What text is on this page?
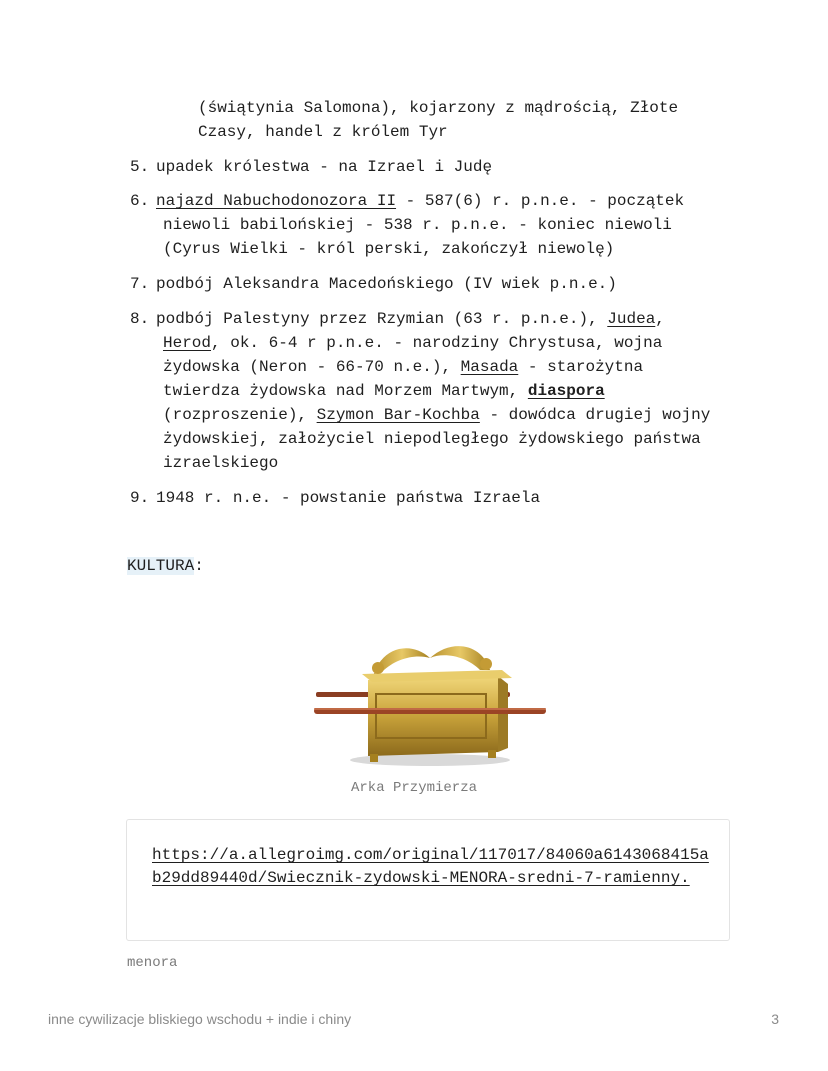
(świątynia Salomona), kojarzony z mądrością, Złote
Czasy, handel z królem Tyr
5. upadek królestwa - na Izrael i Judę
6. najazd Nabuchodonozora II - 587(6) r. p.n.e. - początek
niewoli babilońskiej - 538 r. p.n.e. - koniec niewoli
(Cyrus Wielki - król perski, zakończył niewolę)
7. podbój Aleksandra Macedońskiego (IV wiek p.n.e.)
8. podbój Palestyny przez Rzymian (63 r. p.n.e.), Judea,
Herod, ok. 6-4 r p.n.e. - narodziny Chrystusa, wojna
żydowska (Neron - 66-70 n.e.), Masada - starożytna
twierdza żydowska nad Morzem Martwym, diaspora
(rozproszenie), Szymon Bar-Kochba - dowódca drugiej wojny
żydowskiej, założyciel niepodległego żydowskiego państwa
izraelskiego
9. 1948 r. n.e. - powstanie państwa Izraela
KULTURA:
Arka Przymierza
https://a.allegroimg.com/original/117017/84060a6143068415ab29dd89440d/Swiecznik-zydowski-MENORA-sredni-7-ramienny.
menora
inne cywilizacje bliskiego wschodu + indie i chiny	3
